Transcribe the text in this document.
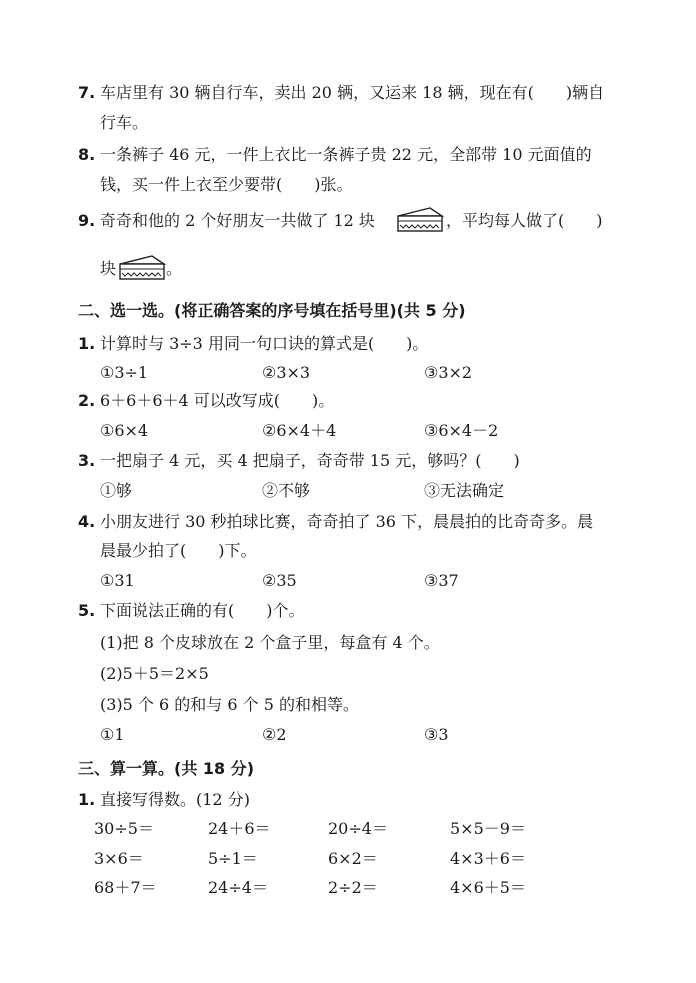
7. 车店里有 30 辆自行车，卖出 20 辆，又运来 18 辆，现在有(　　)辆自
行车。
8. 一条裤子 46 元，一件上衣比一条裤子贵 22 元，全部带 10 元面值的
钱，买一件上衣至少要带(　　)张。
9. 奇奇和他的 2 个好朋友一共做了 12 块	，平均每人做了(　　)
块	。
二、选一选。(将正确答案的序号填在括号里)(共 5 分)
1. 计算时与 3÷3 用同一句口诀的算式是(　　)。
①3÷1	②3×3	③3×2
2. 6＋6＋6＋4 可以改写成(　　)。
①6×4	②6×4＋4	③6×4－2
3. 一把扇子 4 元，买 4 把扇子，奇奇带 15 元，够吗？(　　)
①够	②不够	③无法确定
4. 小朋友进行 30 秒拍球比赛，奇奇拍了 36 下，晨晨拍的比奇奇多。晨
晨最少拍了(　　)下。
①31	②35	③37
5. 下面说法正确的有(　　)个。
(1)把 8 个皮球放在 2 个盒子里，每盒有 4 个。
(2)5＋5＝2×5
(3)5 个 6 的和与 6 个 5 的和相等。
①1	②2	③3
三、算一算。(共 18 分)
1. 直接写得数。(12 分)
30÷5＝	24＋6＝	20÷4＝	5×5－9＝
3×6＝	5÷1＝	6×2＝	4×3＋6＝
68＋7＝	24÷4＝	2÷2＝	4×6＋5＝
